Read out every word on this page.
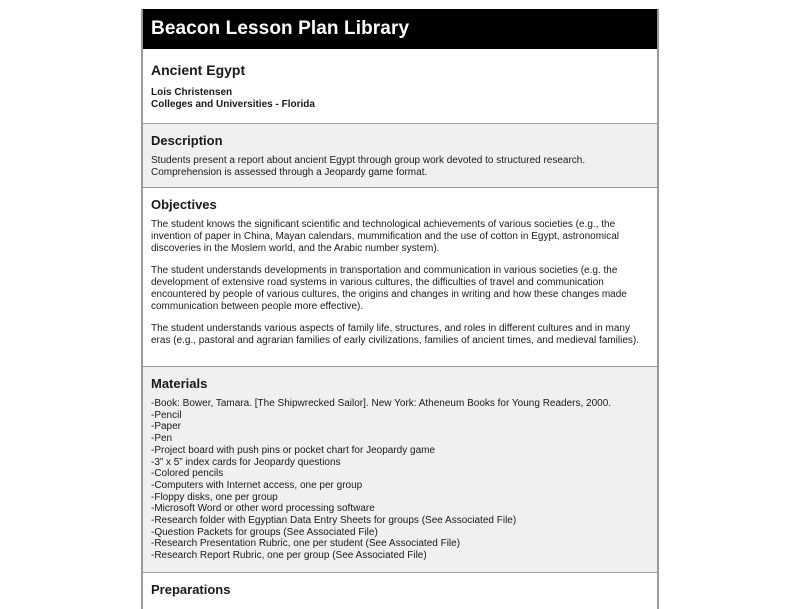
Beacon Lesson Plan Library
Ancient Egypt
Lois Christensen
Colleges and Universities - Florida
Description

Students present a report about ancient Egypt through group work devoted to structured research. Comprehension is assessed through a Jeopardy game format.

Objectives

The student knows the significant scientific and technological achievements of various societies (e.g., the invention of paper in China, Mayan calendars, mummification and the use of cotton in Egypt, astronomical discoveries in the Moslem world, and the Arabic number system).

The student understands developments in transportation and communication in various societies (e.g. the development of extensive road systems in various cultures, the difficulties of travel and communication encountered by people of various cultures, the origins and changes in writing and how these changes made communication between people more effective).

The student understands various aspects of family life, structures, and roles in different cultures and in many eras (e.g., pastoral and agrarian families of early civilizations, families of ancient times, and medieval families).

Materials
-Book: Bower, Tamara. [The Shipwrecked Sailor]. New York: Atheneum Books for Young Readers, 2000.
-Pencil
-Paper
-Pen
-Project board with push pins or pocket chart for Jeopardy game
-3” x 5” index cards for Jeopardy questions
-Colored pencils
-Computers with Internet access, one per group
-Floppy disks, one per group
-Microsoft Word or other word processing software
-Research folder with Egyptian Data Entry Sheets for groups (See Associated File)
-Question Packets for groups (See Associated File)
-Research Presentation Rubric, one per student (See Associated File)
-Research Report Rubric, one per group (See Associated File)
Preparations
